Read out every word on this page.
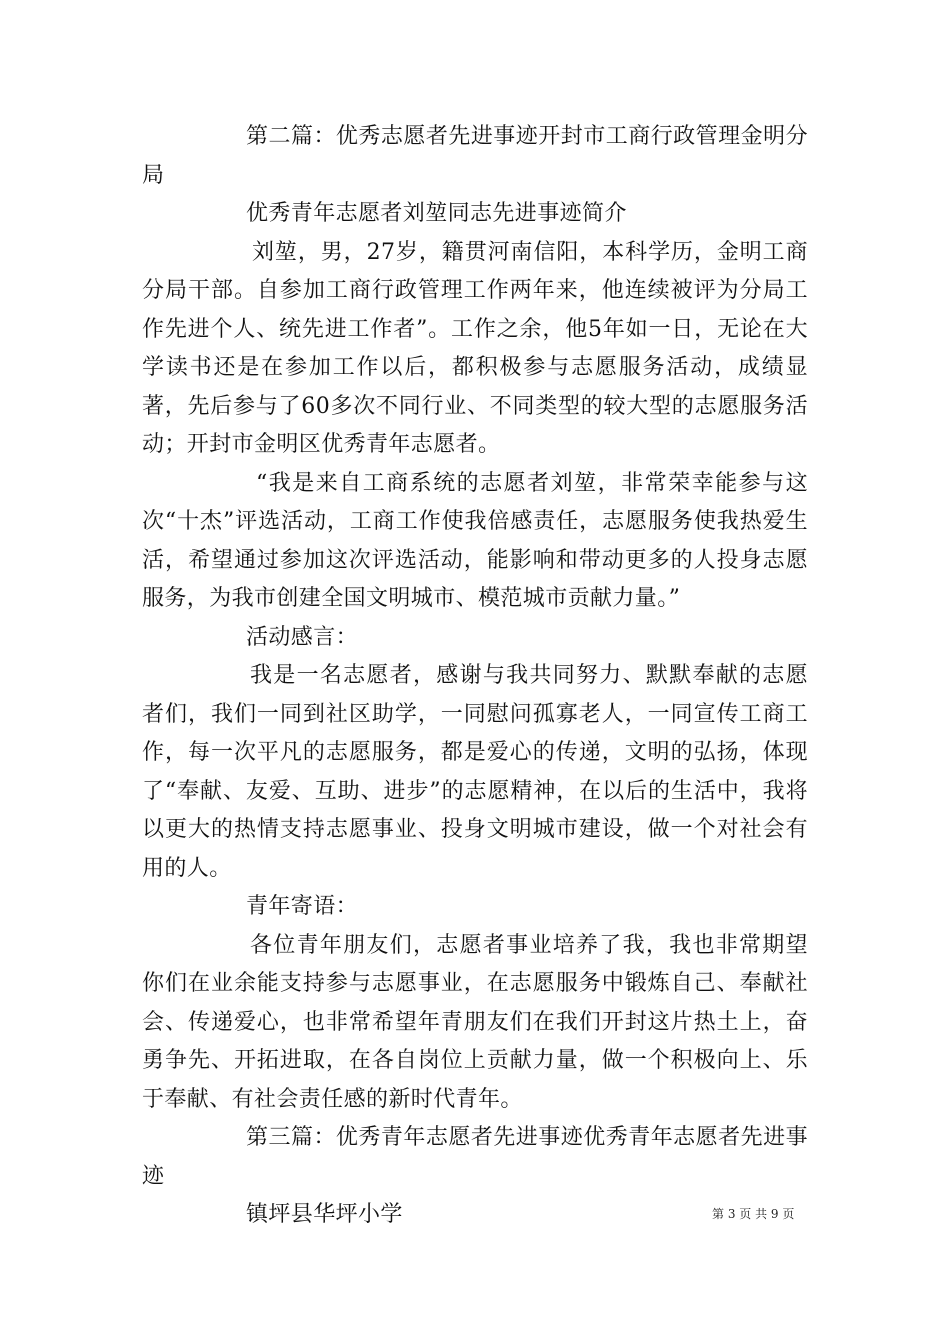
第二篇：优秀志愿者先进事迹开封市工商行政管理金明分局

优秀青年志愿者刘堃同志先进事迹简介

刘堃，男，27岁，籍贯河南信阳，本科学历，金明工商分局干部。自参加工商行政管理工作两年来，他连续被评为分局工作先进个人、统先进工作者”。工作之余，他5年如一日，无论在大学读书还是在参加工作以后，都积极参与志愿服务活动，成绩显著，先后参与了60多次不同行业、不同类型的较大型的志愿服务活动；开封市金明区优秀青年志愿者。

“我是来自工商系统的志愿者刘堃，非常荣幸能参与这次“十杰”评选活动，工商工作使我倍感责任，志愿服务使我热爱生活，希望通过参加这次评选活动，能影响和带动更多的人投身志愿服务，为我市创建全国文明城市、模范城市贡献力量。”

活动感言：

我是一名志愿者，感谢与我共同努力、默默奉献的志愿者们，我们一同到社区助学，一同慰问孤寡老人，一同宣传工商工作，每一次平凡的志愿服务，都是爱心的传递，文明的弘扬，体现了“奉献、友爱、互助、进步”的志愿精神，在以后的生活中，我将以更大的热情支持志愿事业、投身文明城市建设，做一个对社会有用的人。

青年寄语：

各位青年朋友们，志愿者事业培养了我，我也非常期望你们在业余能支持参与志愿事业，在志愿服务中锻炼自己、奉献社会、传递爱心，也非常希望年青朋友们在我们开封这片热土上，奋勇争先、开拓进取，在各自岗位上贡献力量，做一个积极向上、乐于奉献、有社会责任感的新时代青年。

第三篇：优秀青年志愿者先进事迹优秀青年志愿者先进事迹

镇坪县华坪小学	第 3 页 共 9 页
